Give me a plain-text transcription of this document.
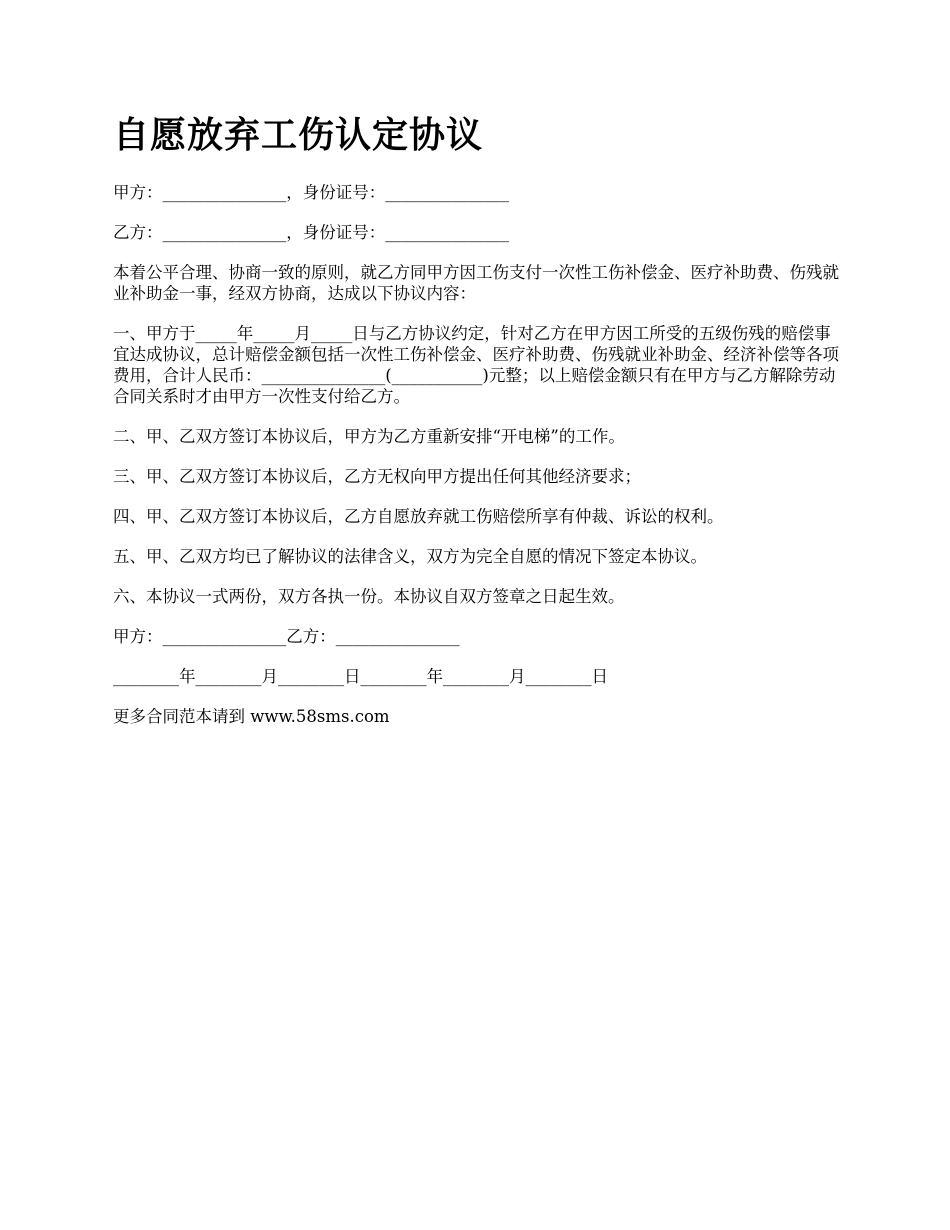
自愿放弃工伤认定协议

甲方：_______________，身份证号：_______________

乙方：_______________，身份证号：_______________

本着公平合理、协商一致的原则，就乙方同甲方因工伤支付一次性工伤补偿金、医疗补助费、伤残就业补助金一事，经双方协商，达成以下协议内容：

一、甲方于_____年_____月_____日与乙方协议约定，针对乙方在甲方因工所受的五级伤残的赔偿事宜达成协议，总计赔偿金额包括一次性工伤补偿金、医疗补助费、伤残就业补助金、经济补偿等各项费用，合计人民币：_______________(___________)元整；以上赔偿金额只有在甲方与乙方解除劳动合同关系时才由甲方一次性支付给乙方。

二、甲、乙双方签订本协议后，甲方为乙方重新安排“开电梯”的工作。

三、甲、乙双方签订本协议后，乙方无权向甲方提出任何其他经济要求；

四、甲、乙双方签订本协议后，乙方自愿放弃就工伤赔偿所享有仲裁、诉讼的权利。

五、甲、乙双方均已了解协议的法律含义，双方为完全自愿的情况下签定本协议。

六、本协议一式两份，双方各执一份。本协议自双方签章之日起生效。

甲方：_______________乙方：_______________

________年________月________日________年________月________日

更多合同范本请到 www.58sms.com
